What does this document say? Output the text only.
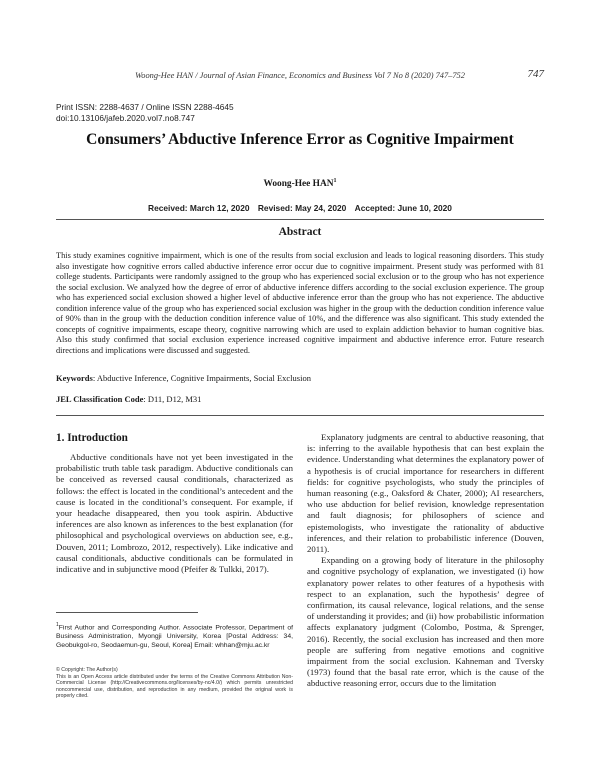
Woong-Hee HAN / Journal of Asian Finance, Economics and Business Vol 7 No 8 (2020) 747–752	747
Print ISSN: 2288-4637 / Online ISSN 2288-4645
doi:10.13106/jafeb.2020.vol7.no8.747
Consumers’ Abductive Inference Error as Cognitive Impairment
Woong-Hee HAN$^1$
Received: March 12, 2020 Revised: May 24, 2020 Accepted: June 10, 2020
Abstract
This study examines cognitive impairment, which is one of the results from social exclusion and leads to logical reasoning disorders. This study also investigate how cognitive errors called abductive inference error occur due to cognitive impairment. Present study was performed with 81 college students. Participants were randomly assigned to the group who has experienced social exclusion or to the group who has not experience the social exclusion. We analyzed how the degree of error of abductive inference differs according to the social exclusion experience. The group who has experienced social exclusion showed a higher level of abductive inference error than the group who has not experience. The abductive condition inference value of the group who has experienced social exclusion was higher in the group with the deduction condition inference value of 90% than in the group with the deduction condition inference value of 10%, and the difference was also significant. This study extended the concepts of cognitive impairments, escape theory, cognitive narrowing which are used to explain addiction behavior to human cognitive bias. Also this study confirmed that social exclusion experience increased cognitive impairment and abductive inference error. Future research directions and implications were discussed and suggested.
Keywords: Abductive Inference, Cognitive Impairments, Social Exclusion
JEL Classification Code: D11, D12, M31
1. Introduction

Abductive conditionals have not yet been investigated in the probabilistic truth table task paradigm. Abductive conditionals can be conceived as reversed causal conditionals, characterized as follows: the effect is located in the conditional’s antecedent and the cause is located in the conditional’s consequent. For example, if your headache disappeared, then you took aspirin. Abductive inferences are also known as inferences to the best explanation (for philosophical and psychological overviews on abduction see, e.g., Douven, 2011; Lombrozo, 2012, respectively). Like indicative and causal conditionals, abductive conditionals can be formulated in indicative and in subjunctive mood (Pfeifer & Tulkki, 2017).

Explanatory judgments are central to abductive reasoning, that is: inferring to the available hypothesis that can best explain the evidence. Understanding what determines the explanatory power of a hypothesis is of crucial importance for researchers in different fields: for cognitive psychologists, who study the principles of human reasoning (e.g., Oaksford & Chater, 2000); AI researchers, who use abduction for belief revision, knowledge representation and fault diagnosis; for philosophers of science and epistemologists, who investigate the rationality of abductive inferences, and their relation to probabilistic inference (Douven, 2011).

Expanding on a growing body of literature in the philosophy and cognitive psychology of explanation, we investigated (i) how explanatory power relates to other features of a hypothesis with respect to an explanation, such the hypothesis’ degree of confirmation, its causal relevance, logical relations, and the sense of understanding it provides; and (ii) how probabilistic information affects explanatory judgment (Colombo, Postma, & Sprenger, 2016). Recently, the social exclusion has increased and then more people are suffering from negative emotions and cognitive impairment from the social exclusion. Kahneman and Tversky (1973) found that the basal rate error, which is the cause of the abductive reasoning error, occurs due to the limitation

$^1$First Author and Corresponding Author. Associate Professor, Department of Business Administration, Myongji University, Korea [Postal Address: 34, Geobukgol-ro, Seodaemun-gu, Seoul, Korea] Email: whhan@mju.ac.kr
© Copyright: The Author(s)
This is an Open Access article distributed under the terms of the Creative Commons Attribution Non-Commercial License (http://Creativecommons.org/licenses/by-nc/4.0/) which permits unrestricted noncommercial use, distribution, and reproduction in any medium, provided the original work is properly cited.
